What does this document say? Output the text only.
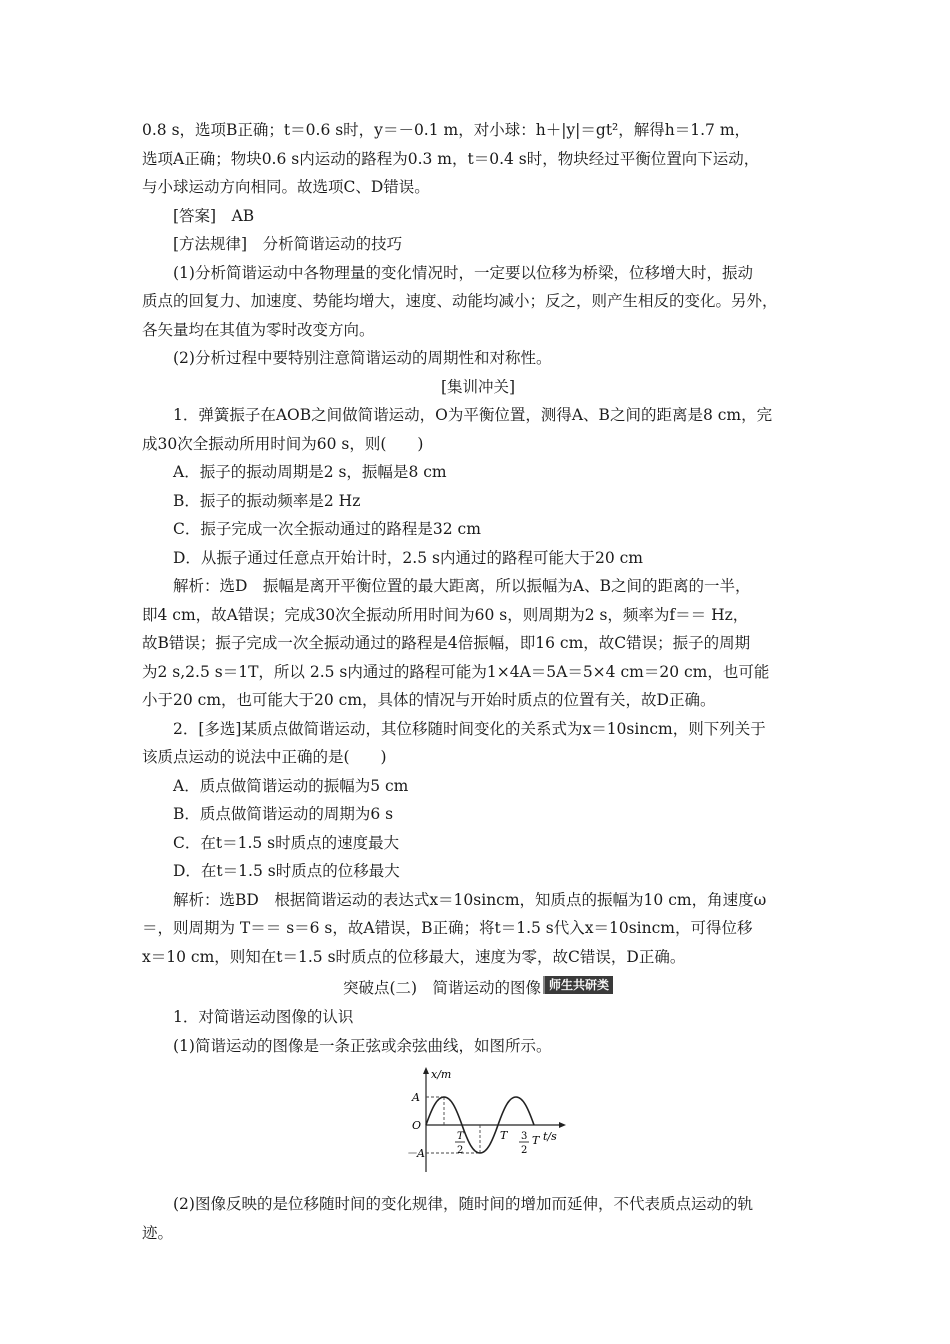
0.8 s，选项B正确；t＝0.6 s时，y＝－0.1 m，对小球：h＋|y|＝gt²，解得h＝1.7 m，

选项A正确；物块0.6 s内运动的路程为0.3 m，t＝0.4 s时，物块经过平衡位置向下运动，

与小球运动方向相同。故选项C、D错误。

[答案]　AB

[方法规律]　分析简谐运动的技巧

(1)分析简谐运动中各物理量的变化情况时，一定要以位移为桥梁，位移增大时，振动

质点的回复力、加速度、势能均增大，速度、动能均减小；反之，则产生相反的变化。另外，

各矢量均在其值为零时改变方向。

(2)分析过程中要特别注意简谐运动的周期性和对称性。

[集训冲关]

1．弹簧振子在AOB之间做简谐运动，O为平衡位置，测得A、B之间的距离是8 cm，完

成30次全振动所用时间为60 s，则(　　)

A．振子的振动周期是2 s，振幅是8 cm

B．振子的振动频率是2 Hz

C．振子完成一次全振动通过的路程是32 cm

D．从振子通过任意点开始计时，2.5 s内通过的路程可能大于20 cm

解析：选D　振幅是离开平衡位置的最大距离，所以振幅为A、B之间的距离的一半，

即4 cm，故A错误；完成30次全振动所用时间为60 s，则周期为2 s，频率为f＝＝ Hz，

故B错误；振子完成一次全振动通过的路程是4倍振幅，即16 cm，故C错误；振子的周期

为2 s,2.5 s＝1T，所以 2.5 s内通过的路程可能为1×4A＝5A＝5×4 cm＝20 cm，也可能

小于20 cm，也可能大于20 cm，具体的情况与开始时质点的位置有关，故D正确。

2．[多选]某质点做简谐运动，其位移随时间变化的关系式为x＝10sincm，则下列关于

该质点运动的说法中正确的是(　　)

A．质点做简谐运动的振幅为5 cm

B．质点做简谐运动的周期为6 s

C．在t＝1.5 s时质点的速度最大

D．在t＝1.5 s时质点的位移最大

解析：选BD　根据简谐运动的表达式x＝10sincm，知质点的振幅为10 cm，角速度ω

＝，则周期为 T＝＝ s＝6 s，故A错误，B正确；将t＝1.5 s代入x＝10sincm，可得位移

x＝10 cm，则知在t＝1.5 s时质点的位移最大，速度为零，故C错误，D正确。

突破点(二)　简谐运动的图像 师生共研类

1．对简谐运动图像的认识

(1)简谐运动的图像是一条正弦或余弦曲线，如图所示。

x/m
A
O
－A
T
2
T 3
2
T t/s

(2)图像反映的是位移随时间的变化规律，随时间的增加而延伸，不代表质点运动的轨

迹。
